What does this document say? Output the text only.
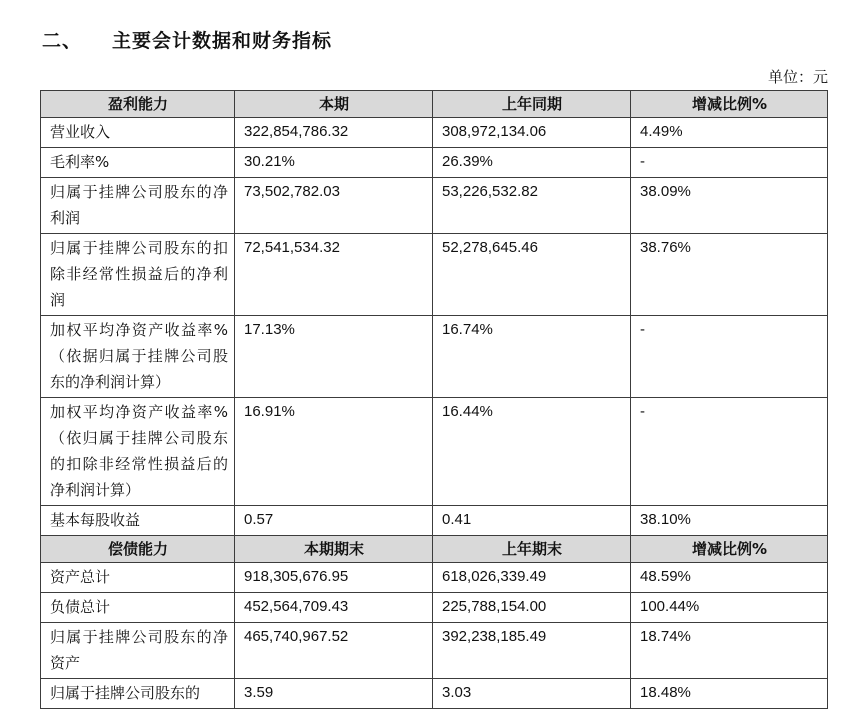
二、 主要会计数据和财务指标
单位：元
盈利能力	本期	上年同期	增减比例%
营业收入	322,854,786.32	308,972,134.06	4.49%
毛利率%	30.21%	26.39%	-
归属于挂牌公司股东的净利润	73,502,782.03	53,226,532.82	38.09%
归属于挂牌公司股东的扣除非经常性损益后的净利润	72,541,534.32	52,278,645.46	38.76%
加权平均净资产收益率%（依据归属于挂牌公司股东的净利润计算）	17.13%	16.74%	-
加权平均净资产收益率%（依归属于挂牌公司股东的扣除非经常性损益后的净利润计算）	16.91%	16.44%	-
基本每股收益	0.57	0.41	38.10%
偿债能力	本期期末	上年期末	增减比例%
资产总计	918,305,676.95	618,026,339.49	48.59%
负债总计	452,564,709.43	225,788,154.00	100.44%
归属于挂牌公司股东的净资产	465,740,967.52	392,238,185.49	18.74%
归属于挂牌公司股东的	3.59	3.03	18.48%
